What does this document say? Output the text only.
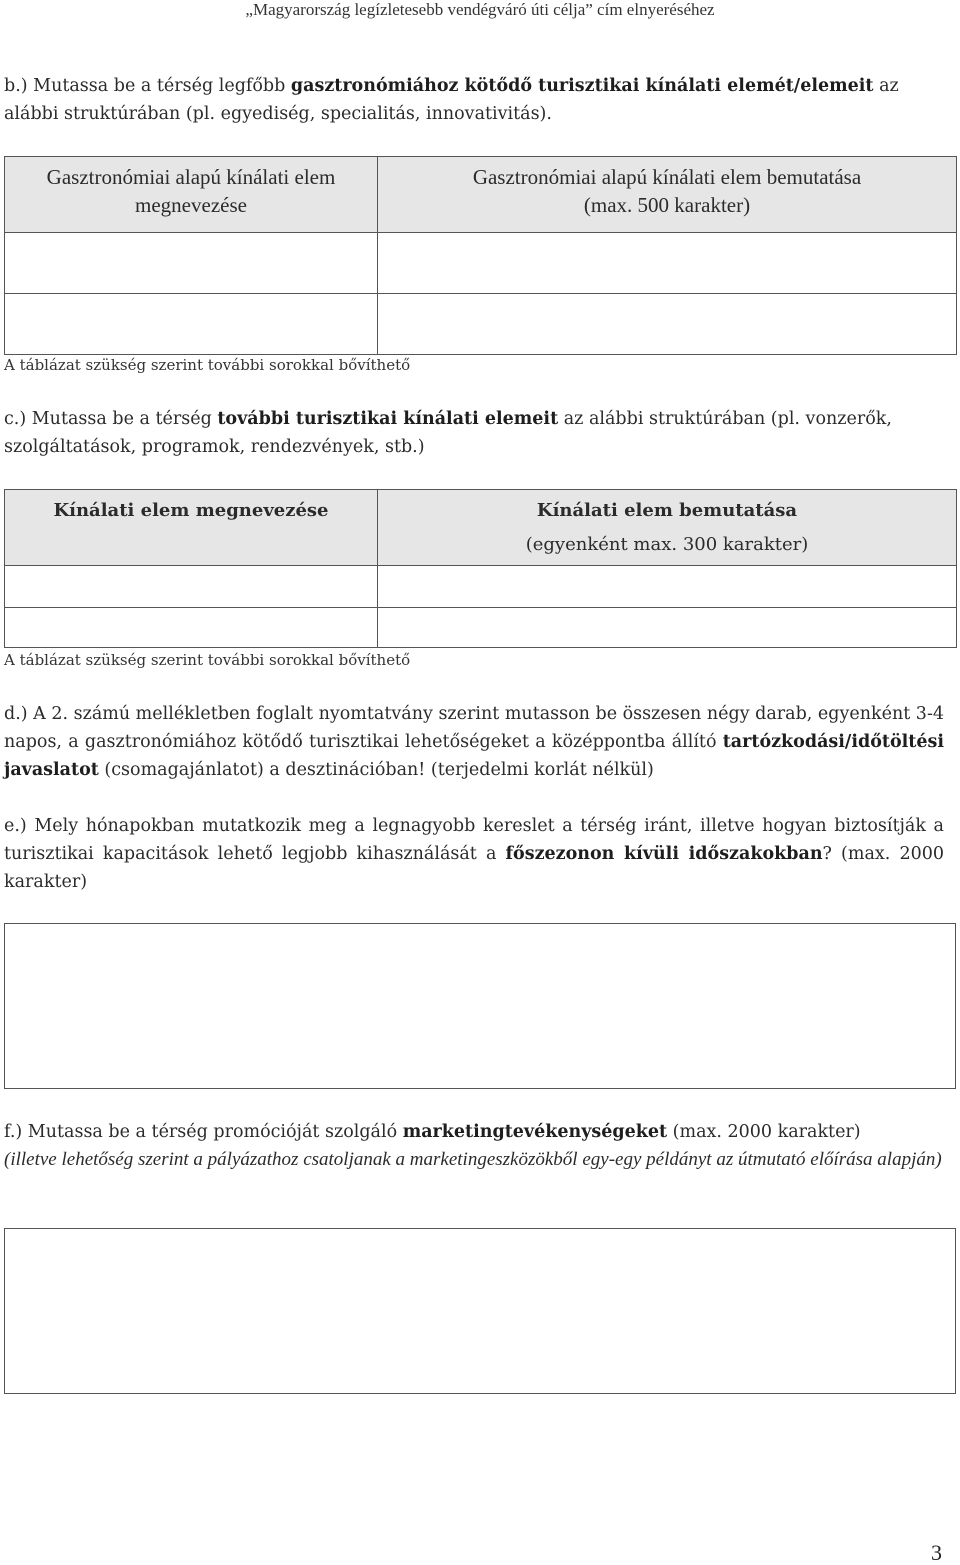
„Magyarország legízletesebb vendégváró úti célja” cím elnyeréséhez
b.) Mutassa be a térség legfőbb gasztronómiához kötődő turisztikai kínálati elemét/elemeit az alábbi struktúrában (pl. egyediség, specialitás, innovativitás).
Gasztronómiai alapú kínálati elem megnevezése	Gasztronómiai alapú kínálati elem bemutatása
(max. 500 karakter)

A táblázat szükség szerint további sorokkal bővíthető
c.) Mutassa be a térség további turisztikai kínálati elemeit az alábbi struktúrában (pl. vonzerők, szolgáltatások, programok, rendezvények, stb.)
Kínálati elem megnevezése	Kínálati elem bemutatása
(egyenként max. 300 karakter)

A táblázat szükség szerint további sorokkal bővíthető
d.) A 2. számú mellékletben foglalt nyomtatvány szerint mutasson be összesen négy darab, egyenként 3-4 napos, a gasztronómiához kötődő turisztikai lehetőségeket a középpontba állító tartózkodási/időtöltési javaslatot (csomagajánlatot) a desztinációban! (terjedelmi korlát nélkül)
e.) Mely hónapokban mutatkozik meg a legnagyobb kereslet a térség iránt, illetve hogyan biztosítják a turisztikai kapacitások lehető legjobb kihasználását a főszezonon kívüli időszakokban? (max. 2000 karakter)
f.) Mutassa be a térség promócióját szolgáló marketingtevékenységeket (max. 2000 karakter)
(illetve lehetőség szerint a pályázathoz csatoljanak a marketingeszközökből egy-egy példányt az útmutató előírása alapján)
3
